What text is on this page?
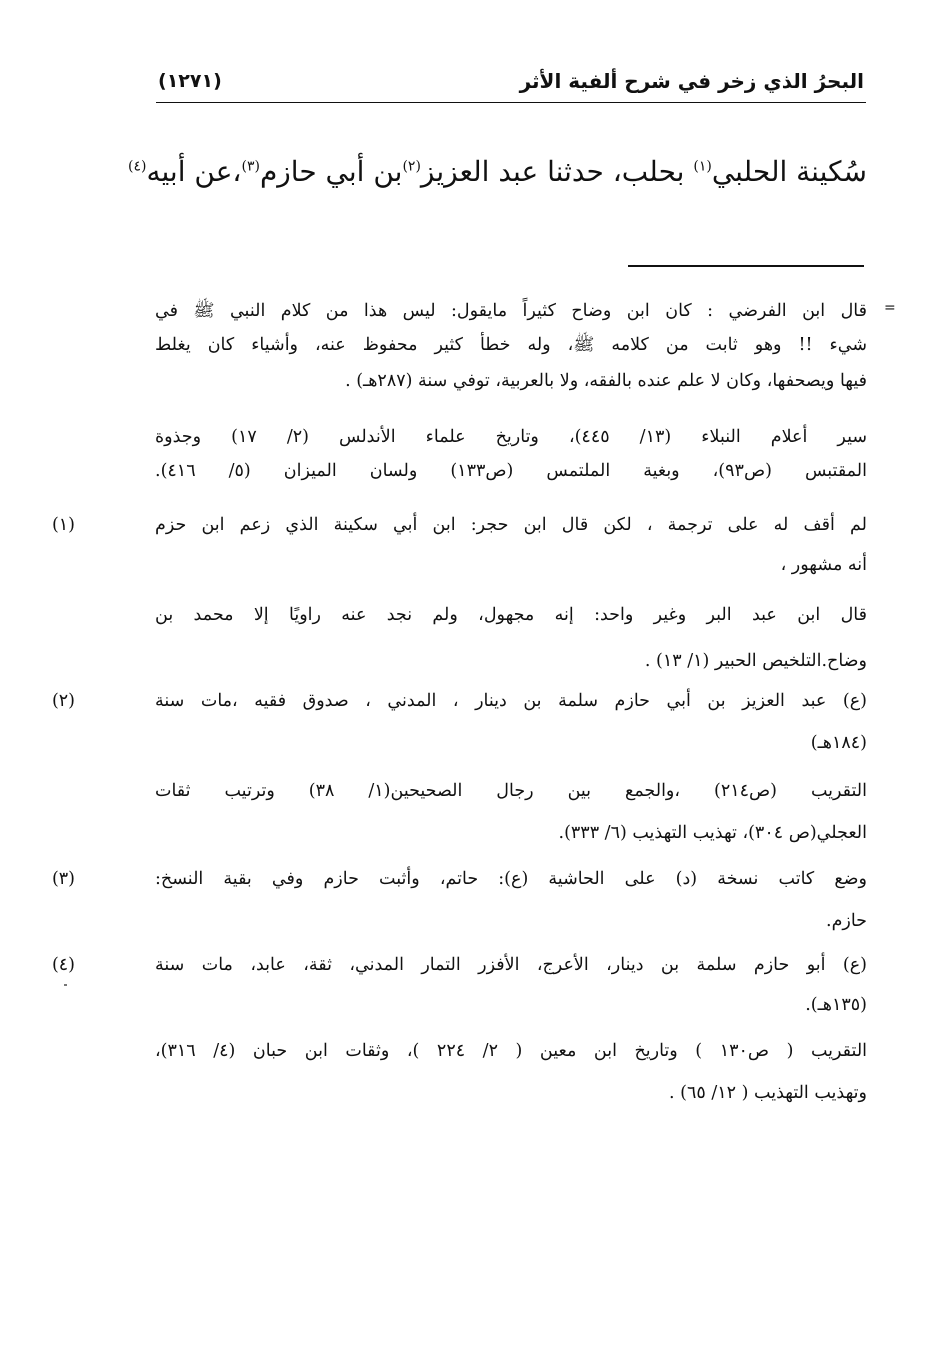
البحرُ الذي زخر في شرح ألفية الأثر
(١٢٧١)
سُكينة الحلبي$^{(١)}$ بحلب، حدثنا عبد العزيز$^{(٢)}$بن أبي حازم$^{(٣)}$،عن أبيه$^{(٤)}$
=
قال ابن الفرضي : كان ابن وضاح كثيراً مايقول: ليس هذا من كلام النبي ﷺ في
شيء !! وهو ثابت من كلامه ﷺ، وله خطأ كثير محفوظ عنه، وأشياء كان يغلط
فيها ويصحفها، وكان لا علم عنده بالفقه، ولا بالعربية، توفي سنة (٢٨٧هـ) .
سير أعلام النبلاء (١٣/ ٤٤٥)، وتاريخ علماء الأندلس (٢/ ١٧) وجذوة
المقتبس (ص٩٣)، وبغية الملتمس (ص١٣٣) ولسان الميزان (٥/ ٤١٦).
(١)	لم أقف له على ترجمة ، لكن قال ابن حجر: ابن أبي سكينة الذي زعم ابن حزم
أنه مشهور ،
قال ابن عبد البر وغير واحد: إنه مجهول، ولم نجد عنه راويًا إلا محمد بن
وضاح.التلخيص الحبير (١/ ١٣) .
(٢)	(ع) عبد العزيز بن أبي حازم سلمة بن دينار ، المدني ، صدوق فقيه ،مات سنة
(١٨٤هـ)
التقريب (ص٢١٤) ،والجمع بين رجال الصحيحين(١/ ٣٨) وترتيب ثقات
العجلي(ص ٣٠٤)، تهذيب التهذيب (٦/ ٣٣٣).
(٣)	وضع كاتب نسخة (د) على الحاشية (ع): حاتم، وأثبت حازم وفي بقية النسخ:
حازم.
(٤)	(ع) أبو حازم سلمة بن دينار، الأعرج، الأفزر التمار المدني، ثقة، عابد، مات سنة
(١٣٥هـ).
التقريب ( ص١٣٠ ) وتاريخ ابن معين ( ٢/ ٢٢٤ )، وثقات ابن حبان (٤/ ٣١٦)،
وتهذيب التهذيب ( ١٢/ ٦٥) .
